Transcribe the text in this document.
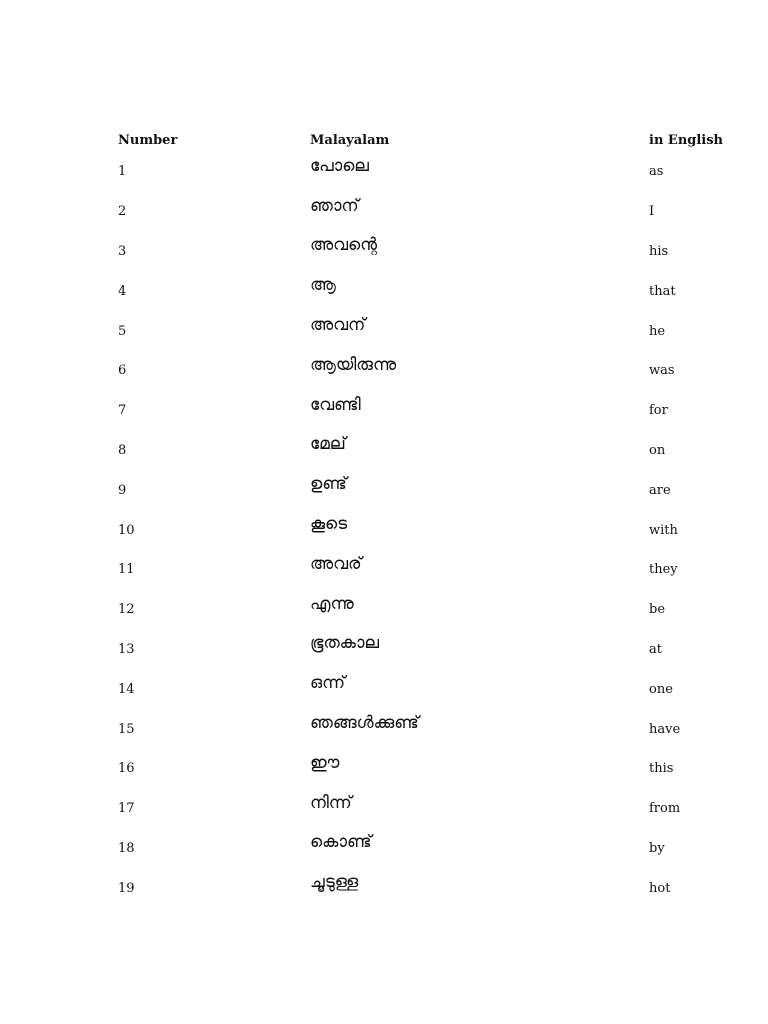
Number	Malayalam	in English
1	പോലെ	as
2	ഞാന്	I
3	അവന്റെ	his
4	ആ	that
5	അവന്	he
6	ആയിരുന്നു	was
7	വേണ്ടി	for
8	മേല്	on
9	ഉണ്ട്	are
10	കൂടെ	with
11	അവര്	they
12	എന്നു	be
13	ഭൂതകാല	at
14	ഒന്ന്	one
15	ഞങ്ങൾക്കുണ്ട്	have
16	ഈ	this
17	നിന്ന്	from
18	കൊണ്ട്	by
19	ചൂടുള്ള	hot
